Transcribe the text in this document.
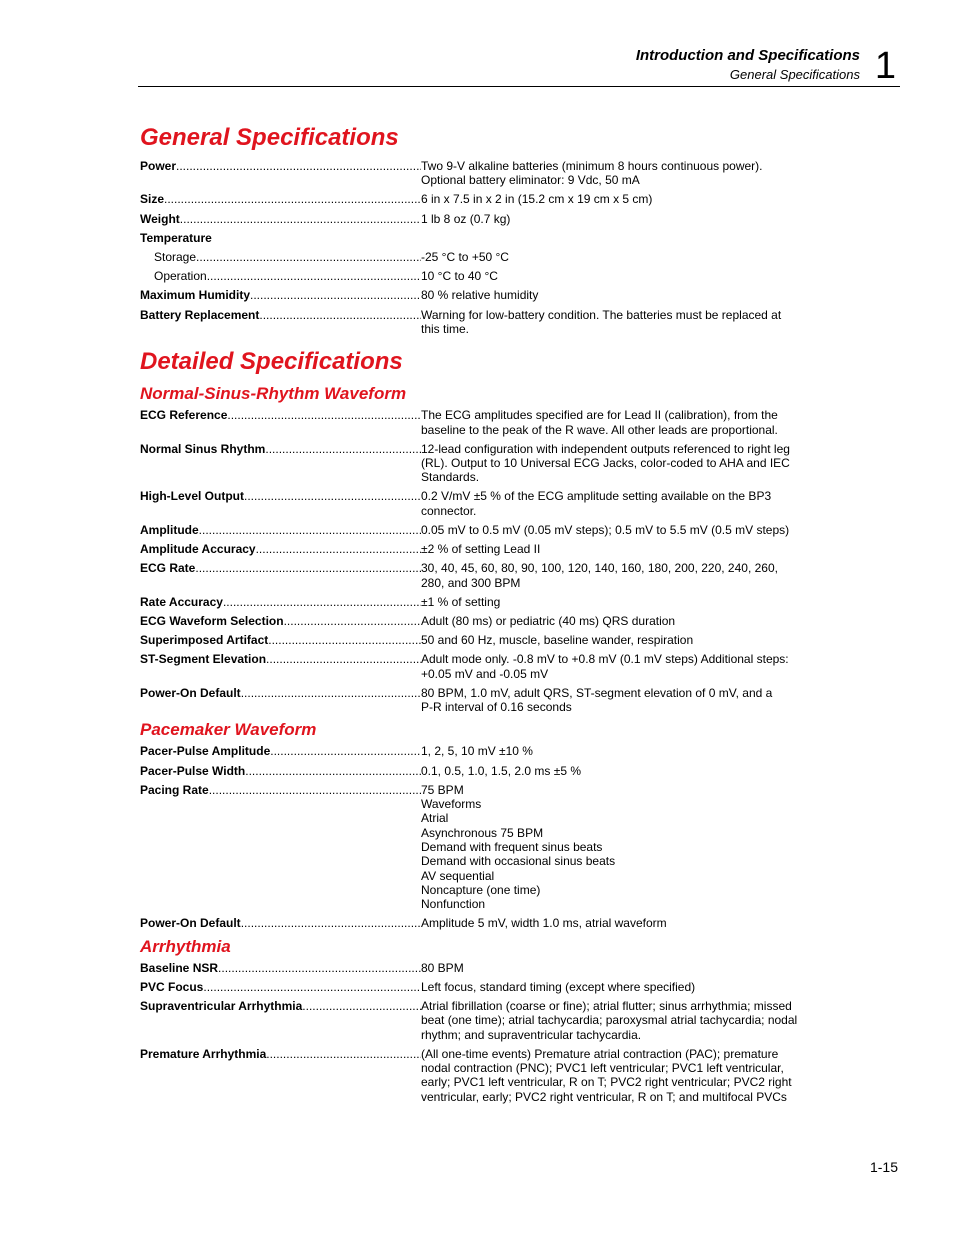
Introduction and Specifications
General Specifications 1
General Specifications
Power .....	Two 9-V alkaline batteries (minimum 8 hours continuous power).
Optional battery eliminator: 9 Vdc, 50 mA
Size .....	6 in x 7.5 in x 2 in (15.2 cm x 19 cm x 5 cm)
Weight .....	1 lb 8 oz (0.7 kg)
Temperature
Storage .....	-25 °C to +50 °C
Operation .....	10 °C to 40 °C
Maximum Humidity .....	80 % relative humidity
Battery Replacement .....	Warning for low-battery condition. The batteries must be replaced at
this time.
Detailed Specifications
Normal-Sinus-Rhythm Waveform
ECG Reference .....	The ECG amplitudes specified are for Lead II (calibration), from the
baseline to the peak of the R wave. All other leads are proportional.
Normal Sinus Rhythm .....	12-lead configuration with independent outputs referenced to right leg
(RL). Output to 10 Universal ECG Jacks, color-coded to AHA and IEC
Standards.
High-Level Output .....	0.2 V/mV ±5 % of the ECG amplitude setting available on the BP3
connector.
Amplitude .....	0.05 mV to 0.5 mV (0.05 mV steps); 0.5 mV to 5.5 mV (0.5 mV steps)
Amplitude Accuracy .....	±2 % of setting Lead II
ECG Rate .....	30, 40, 45, 60, 80, 90, 100, 120, 140, 160, 180, 200, 220, 240, 260,
280, and 300 BPM
Rate Accuracy .....	±1 % of setting
ECG Waveform Selection .....	Adult (80 ms) or pediatric (40 ms) QRS duration
Superimposed Artifact .....	50 and 60 Hz, muscle, baseline wander, respiration
ST-Segment Elevation .....	Adult mode only. -0.8 mV to +0.8 mV (0.1 mV steps) Additional steps:
+0.05 mV and -0.05 mV
Power-On Default .....	80 BPM, 1.0 mV, adult QRS, ST-segment elevation of 0 mV, and a
P-R interval of 0.16 seconds
Pacemaker Waveform
Pacer-Pulse Amplitude .....	1, 2, 5, 10 mV ±10 %
Pacer-Pulse Width .....	0.1, 0.5, 1.0, 1.5, 2.0 ms ±5 %
Pacing Rate .....	75 BPM
Waveforms
Atrial
Asynchronous 75 BPM
Demand with frequent sinus beats
Demand with occasional sinus beats
AV sequential
Noncapture (one time)
Nonfunction
Power-On Default .....	Amplitude 5 mV, width 1.0 ms, atrial waveform
Arrhythmia
Baseline NSR .....	80 BPM
PVC Focus .....	Left focus, standard timing (except where specified)
Supraventricular Arrhythmia .....	Atrial fibrillation (coarse or fine); atrial flutter; sinus arrhythmia; missed
beat (one time); atrial tachycardia; paroxysmal atrial tachycardia; nodal
rhythm; and supraventricular tachycardia.
Premature Arrhythmia .....	(All one-time events) Premature atrial contraction (PAC); premature
nodal contraction (PNC); PVC1 left ventricular; PVC1 left ventricular,
early; PVC1 left ventricular, R on T; PVC2 right ventricular; PVC2 right
ventricular, early; PVC2 right ventricular, R on T; and multifocal PVCs
1-15
